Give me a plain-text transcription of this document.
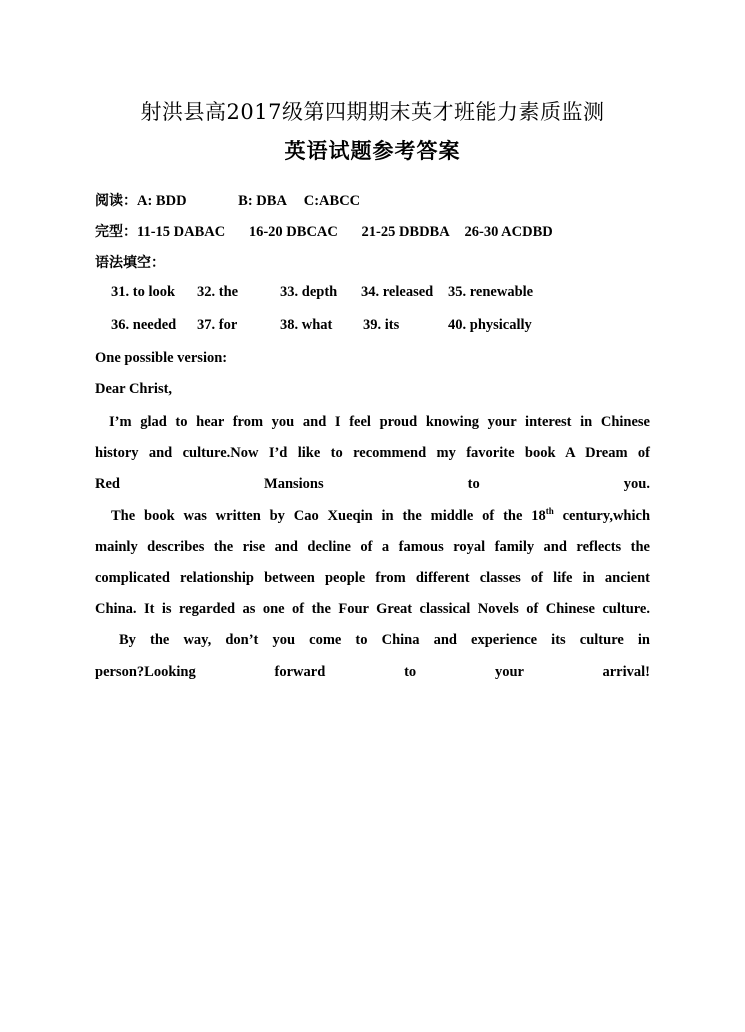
射洪县高2017级第四期期末英才班能力素质监测
英语试题参考答案
阅读：A: BDD	B: DBA C:ABCC
完型：11-15 DABAC 16-20 DBCAC 21-25 DBDBA 26-30 ACDBD
语法填空：
31. to look 32. the	33. depth 34. released 35. renewable
36. needed 37. for	38. what 39. its	40. physically
One possible version:
Dear Christ,
I’m glad to hear from you and I feel proud knowing your interest in Chinese
history and culture.Now I’d like to recommend my favorite book A Dream of
Red Mansions to you.
The book was written by Cao Xueqin in the middle of the 18th century,which
mainly describes the rise and decline of a famous royal family and reflects the
complicated relationship between people from different classes of life in ancient
China. It is regarded as one of the Four Great classical Novels of Chinese culture.
By the way, don’t you come to China and experience its culture in
person?Looking forward to your arrival!
